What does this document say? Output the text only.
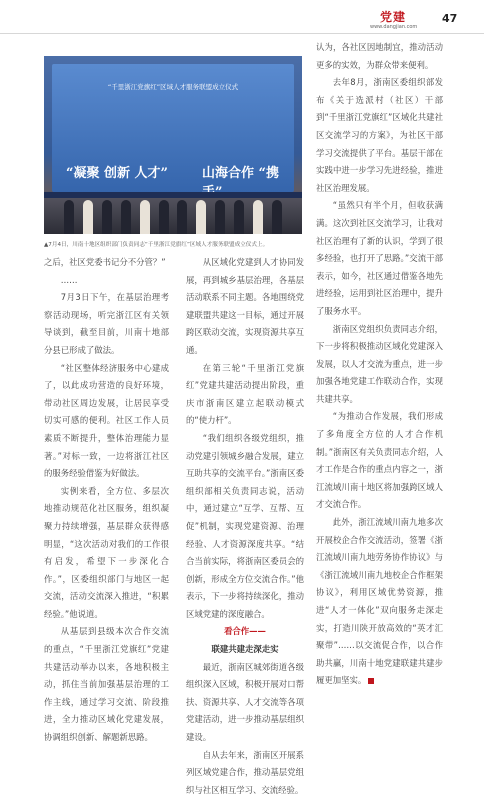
党建
www.dangjian.com
47
“千里浙江党旗红”区域人才服务联盟成立仪式
“凝聚 创新 人才”	山海合作 “携
▲7月4日，川南十地区组织部门负责同志“千里浙江党旗红”区域人才服务联盟成立仪式上。

之后，社区党委书记分不分管？”

……

7月3日下午，在基层治理考察活动现场，听完浙江区有关领导谈到，截至目前，川南十地部分县已形成了做法。

“社区整体经济服务中心建成了，以此成功营造的良好环境，带动社区周边发展，让居民享受切实可感的便利。社区工作人员素质不断提升，整体治理能力显著。”对标一致，一边将浙江社区的服务经验借鉴为好做法。

实例来看，全方位、多层次地推动规范化社区服务，组织凝聚力持续增强，基层群众获得感明显，“这次活动对我们的工作很有启发，希望下一步深化合作。”，区委组织部门与地区一起交流，活动交流深入推进，“积累经验。”他说道。

从基层到县级本次合作交流的重点，“千里浙江党旗红”党建共建活动举办以来，各地积极主动，抓住当前加强基层治理的工作主线，通过学习交流、阶段推进，全力推动区域化党建发展，协调组织创新、解题新思路。

从区域化党建到人才协同发展，再到城乡基层治理，各基层活动联系不同主题。各地围绕党建联盟共建这一目标，通过开展跨区联动交流，实现资源共享互通。

在第三轮“千里浙江党旗红”党建共建活动提出阶段，重庆市浙南区建立起联动模式的“使力杆”。

“我们组织各级党组织，推动党建引领城乡融合发展，建立互助共享的交流平台。”浙南区委组织部相关负责同志说，活动中，通过建立“互学、互帮、互促”机制，实现党建资源、治理经验、人才资源深度共享。“结合当前实际，将浙南区委员会的创新，形成全方位交流合作。”他表示，下一步将持续深化，推动区域党建的深度融合。

看合作——

联建共建走深走实

最近，浙南区城郊街道各级组织深入区域，积极开展对口帮扶、资源共享、人才交流等各项党建活动，进一步推动基层组织建设。

自从去年来，浙南区开展系列区域党建合作，推动基层党组织与社区相互学习、交流经验。

认为，各社区因地制宜，推动活动更多的实效，为群众带来便利。

去年8月，浙南区委组织部发布《关于选派村（社区）干部到“千里浙江党旗红”区域化共建社区交流学习的方案》，为社区干部学习交流提供了平台。基层干部在实践中进一步学习先进经验，推进社区治理发展。

“虽然只有半个月，但收获满满。这次到社区交流学习，让我对社区治理有了新的认识，学到了很多经验，也打开了思路。”交流干部表示，如今，社区通过借鉴各地先进经验，运用到社区治理中，提升了服务水平。

浙南区党组织负责同志介绍，下一步将积极推动区域化党建深入发展，以人才交流为重点，进一步加强各地党建工作联动合作，实现共建共享。

“为推动合作发展，我们形成了多角度全方位的人才合作机制。”浙南区有关负责同志介绍，人才工作是合作的重点内容之一，浙江流域川南十地区将加强跨区域人才交流合作。

此外，浙江流域川南九地多次开展校企合作交流活动，签署《浙江流域川南九地劳务协作协议》与《浙江流域川南九地校企合作框架协议》，利用区域优势资源，推进“人才一体化”双向服务走深走实，打造川陕开放高效的“英才汇聚带”……以交流促合作，以合作助共赢，川南十地党建联建共建步履更加坚实。
